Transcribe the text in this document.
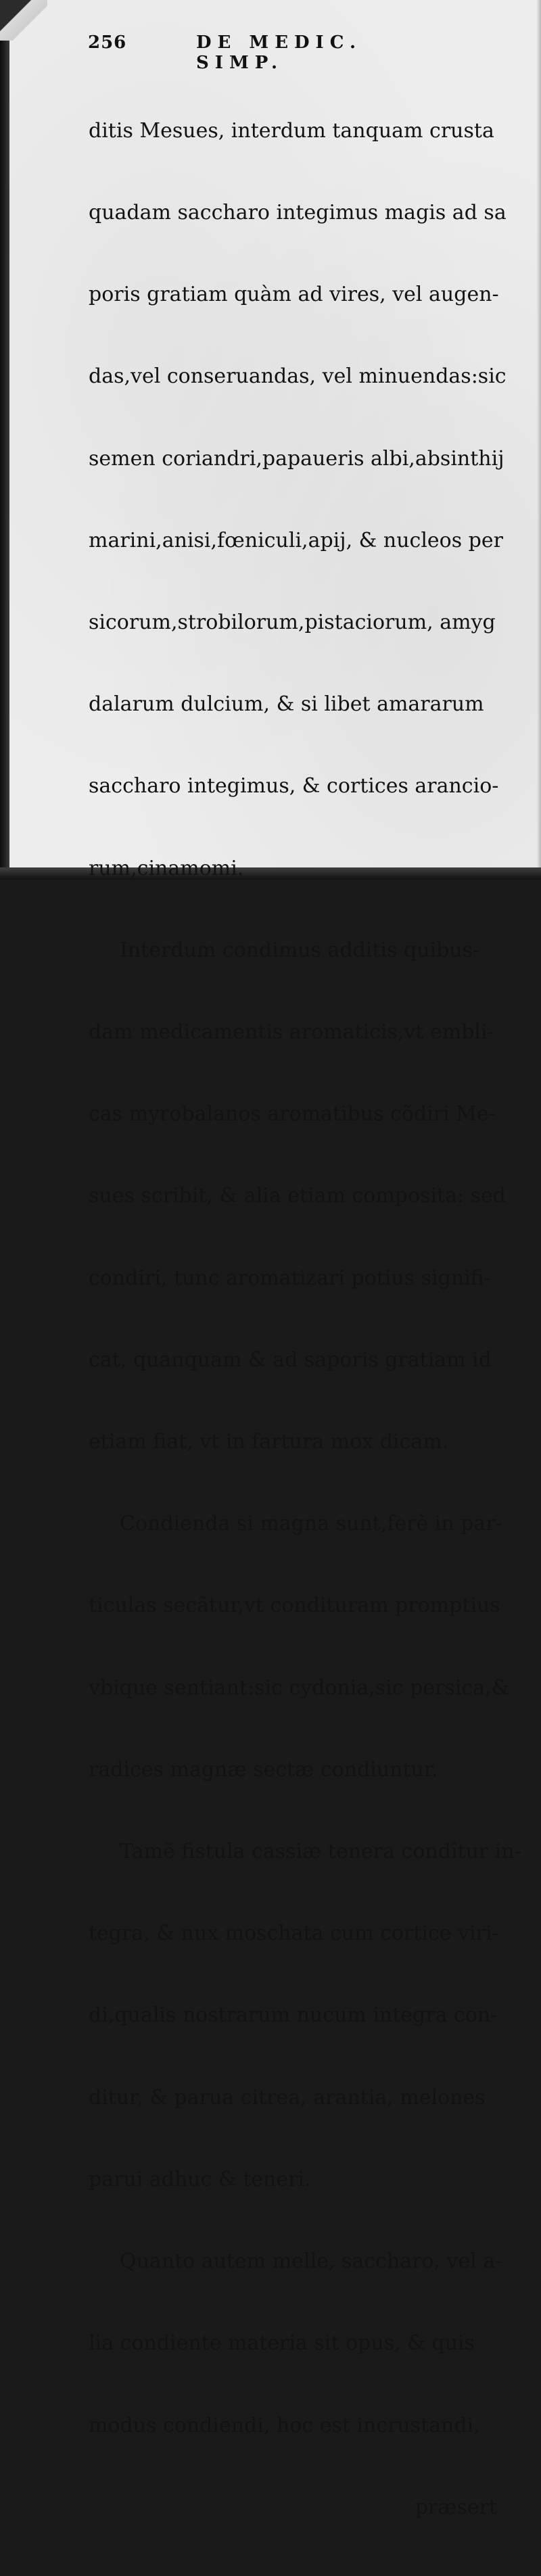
256	DE MEDIC. SIMP.

ditis Mesues, interdum tanquam crusta

quadam saccharo integimus magis ad sa

poris gratiam quàm ad vires, vel augen-

das,vel conseruandas, vel minuendas:sic

semen coriandri,papaueris albi,absinthij

marini,anisi,fœniculi,apij, & nucleos per

sicorum,strobilorum,pistaciorum, amyg

dalarum dulcium, & si libet amararum

saccharo integimus, & cortices arancio-

rum,cinamomi.

Interdum condimus additis quibus-

dam medicamentis aromaticis,vt embli-

cas myrobalanos aromatibus cõdiri Me-

sues scribit, & alia etiam composita: sed

condiri, tunc aromatizari potius signifi-

cat, quanquam & ad saporis gratiam id

etiam fiat, vt in fartura mox dicam.

Condienda si magna sunt,ferè in par-

ticulas secãtur,vt condituram promptius

vbique sentiant:sic cydonia,sic persica,&

radices magnæ sectæ condiuntur.

Tamẽ fistula cassiæ tenera condîtur in-

tegra, & nux moschata cum cortice viri-

di,qualis nostrarum nucum integra con-

ditur, & parua citrea, arantia, melones

parui adhuc & teneri.

Quanto autem melle, saccharo, vel a-

lia condiente materia sit opus, & quis

modus condiendi, hoc est incrustandi,

præsert
